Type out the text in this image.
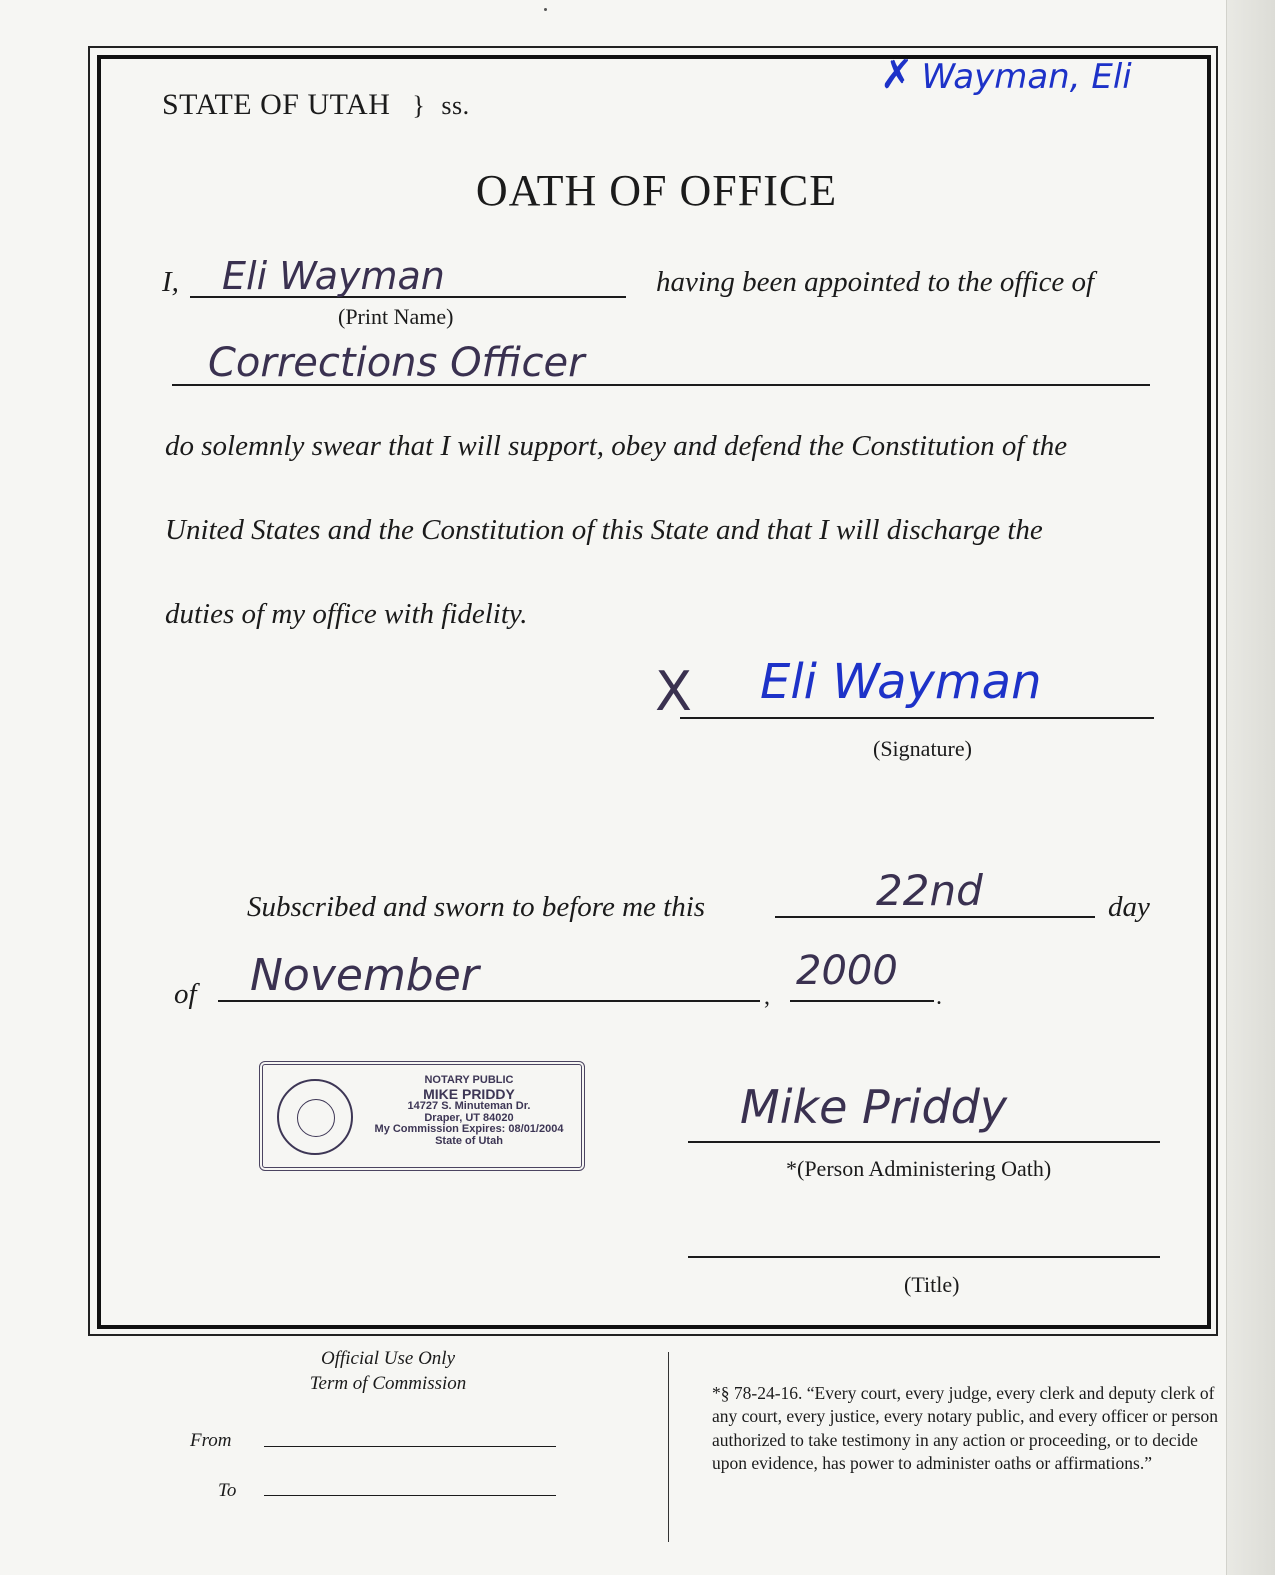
STATE OF UTAH } ss.
✗ Wayman, Eli
OATH OF OFFICE
I, Eli Wayman
(Print Name)
having been appointed to the office of
Corrections Officer
do solemnly swear that I will support, obey and defend the Constitution of the
United States and the Constitution of this State and that I will discharge the
duties of my office with fidelity.
X Eli Wayman
(Signature)
Subscribed and sworn to before me this	22nd	day
of November	,
2000
.
NOTARY PUBLIC
MIKE PRIDDY
14727 S. Minuteman Dr.
Draper, UT 84020
My Commission Expires: 08/01/2004
State of Utah
Mike Priddy
*(Person Administering Oath)
(Title)
Official Use Only
Term of Commission
From
To
*§ 78-24-16. “Every court, every judge, every clerk and deputy clerk of any court, every justice, every notary public, and every officer or person authorized to take testimony in any action or proceeding, or to decide upon evidence, has power to administer oaths or affirmations.”
